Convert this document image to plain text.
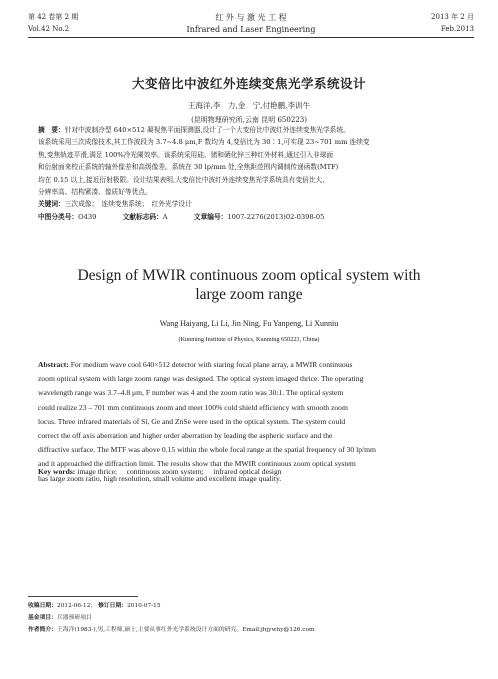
第 42 卷第 2 期	红 外 与 激 光 工 程	2013 年 2 月
Vol.42 No.2	Infrared and Laser Engineering	Feb.2013
大变倍比中波红外连续变焦光学系统设计
王海洋,李　力,金　宁,付艳鹏,李训牛
(昆明物理研究所,云南 昆明 650223)
摘　要：针对中波制冷型 640×512 凝视焦平面探测器,设计了一个大变倍比中波红外连续变焦光学系统。
该系统采用三次成像技术,其工作波段为 3.7~4.8 μm,F 数均为 4,变倍比为 30∶1,可实现 23~701 mm 连续变
焦,变焦轨迹平滑,满足 100%冷光阑效率。该系统采用硅、锗和硒化锌三种红外材料,通过引入非球面
和衍射面来校正系统的轴外像差和高级像差。系统在 30 lp/mm 处,全焦距范围内调制传递函数(MTF)
均在 0.15 以上,接近衍射极限。设计结果表明,大变倍比中波红外连续变焦光学系统具有变倍比大、
分辨率高、结构紧凑、像质好等优点。
关键词：三次成像；　连续变焦系统；　红外光学设计
中图分类号：O439	文献标志码：A	文章编号：1007-2276(2013)02-0398-05
Design of MWIR continuous zoom optical system with
large zoom range
Wang Haiyang, Li Li, Jin Ning, Fu Yanpeng, Li Xunniu
(Kunming Institute of Physics, Kunming 650223, China)
Abstract: For medium wave cool 640×512 detector with staring focal plane array, a MWIR continuous
zoom optical system with large zoom range was designed. The optical system imaged thrice. The operating
wavelength range was 3.7–4.8 μm, F number was 4 and the zoom ratio was 30:1. The optical system
could realize 23 – 701 mm continuous zoom and meet 100% cold shield efficiency with smooth zoom
locus. Three infrared materials of Si, Ge and ZnSe were used in the optical system. The system could
correct the off axis aberration and higher order aberration by leading the aspheric surface and the
diffractive surface. The MTF was above 0.15 within the whole focal range at the spatial frequency of 30 lp/mm
and it approached the diffraction limit. The results show that the MWIR continuous zoom optical system
has large zoom ratio, high resolution, small volume and excellent image quality.
Key words: image thrice;　 continuous zoom system;　 infrared optical design
收稿日期：2012-06-12； 修订日期：2010-07-15
基金项目：兵器预研项目
作者简介：王海洋(1983-),男,工程师,硕士,主要从事红外光学系统设计方面的研究。Email:jhjywhy@126.com
